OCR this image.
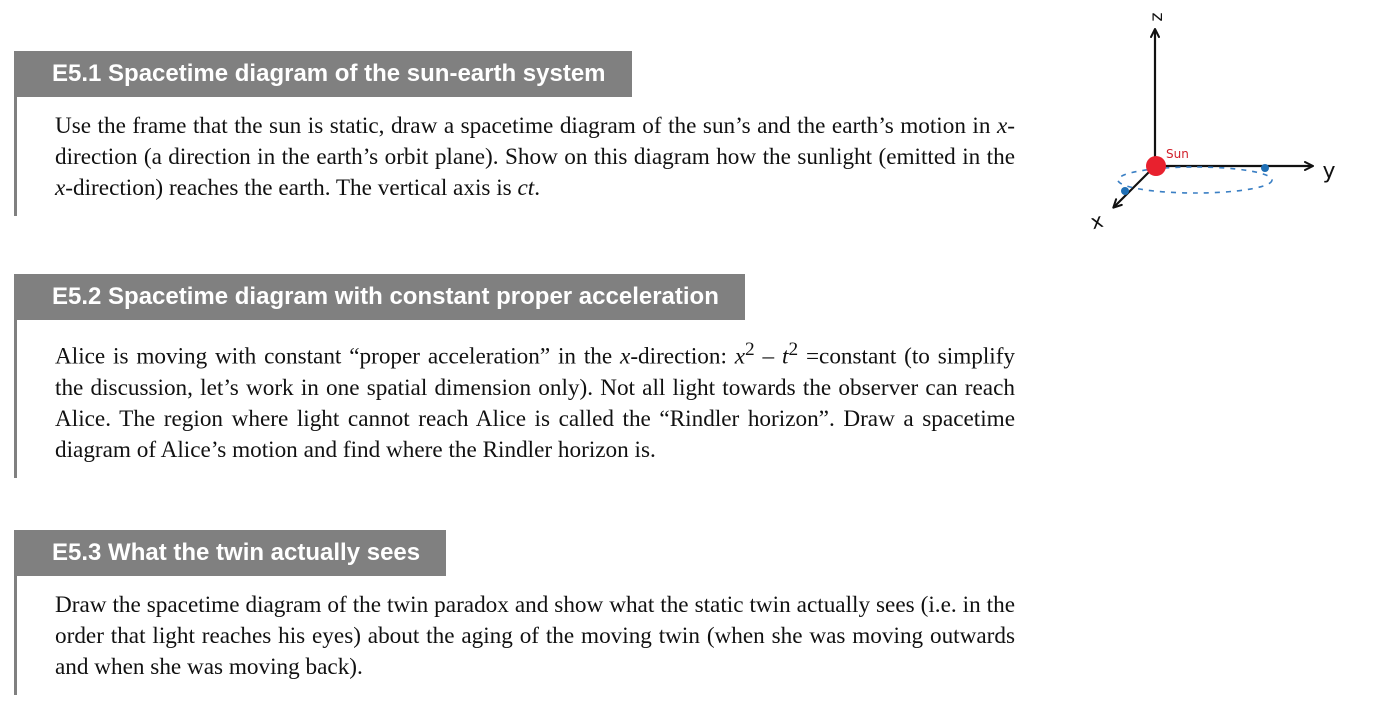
E5.1 Spacetime diagram of the sun-earth system

Use the frame that the sun is static, draw a spacetime diagram of the sun’s and the earth’s motion in x-direction (a direction in the earth’s orbit plane). Show on this diagram how the sunlight (emitted in the x-direction) reaches the earth. The vertical axis is ct.

E5.2 Spacetime diagram with constant proper acceleration

Alice is moving with constant “proper acceleration” in the x-direction: $x^2 - t^2$ =constant (to simplify the discussion, let’s work in one spatial dimension only). Not all light towards the observer can reach Alice. The region where light cannot reach Alice is called the “Rindler horizon”. Draw a spacetime diagram of Alice’s motion and find where the Rindler horizon is.

E5.3 What the twin actually sees

Draw the spacetime diagram of the twin paradox and show what the static twin actually sees (i.e. in the order that light reaches his eyes) about the aging of the moving twin (when she was moving outwards and when she was moving back).

Sun
z
y
x
